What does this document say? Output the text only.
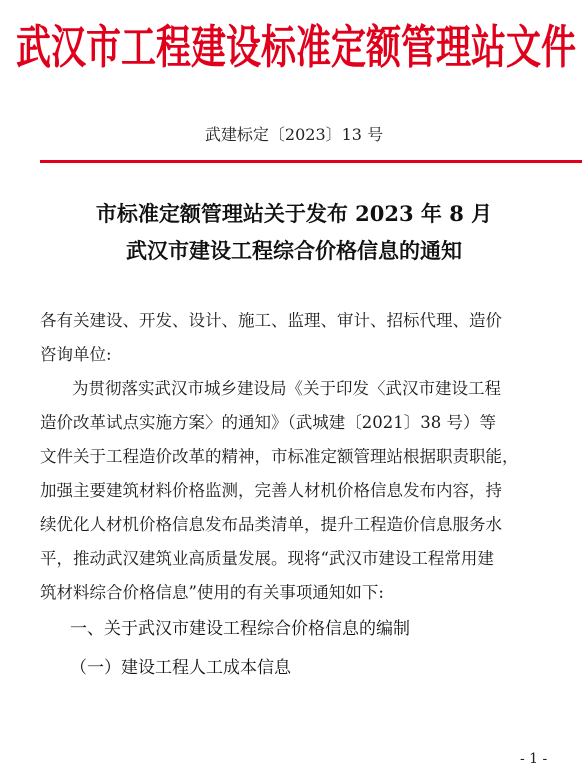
武汉市工程建设标准定额管理站文件
武建标定〔2023〕13 号
市标准定额管理站关于发布 2023 年 8 月
武汉市建设工程综合价格信息的通知
各有关建设、开发、设计、施工、监理、审计、招标代理、造价
咨询单位:
为贯彻落实武汉市城乡建设局《关于印发〈武汉市建设工程
造价改革试点实施方案〉的通知》（武城建〔2021〕38 号）等
文件关于工程造价改革的精神，市标准定额管理站根据职责职能，
加强主要建筑材料价格监测，完善人材机价格信息发布内容，持
续优化人材机价格信息发布品类清单，提升工程造价信息服务水
平，推动武汉建筑业高质量发展。现将“武汉市建设工程常用建
筑材料综合价格信息”使用的有关事项通知如下:
一、关于武汉市建设工程综合价格信息的编制
（一）建设工程人工成本信息
- 1 -
